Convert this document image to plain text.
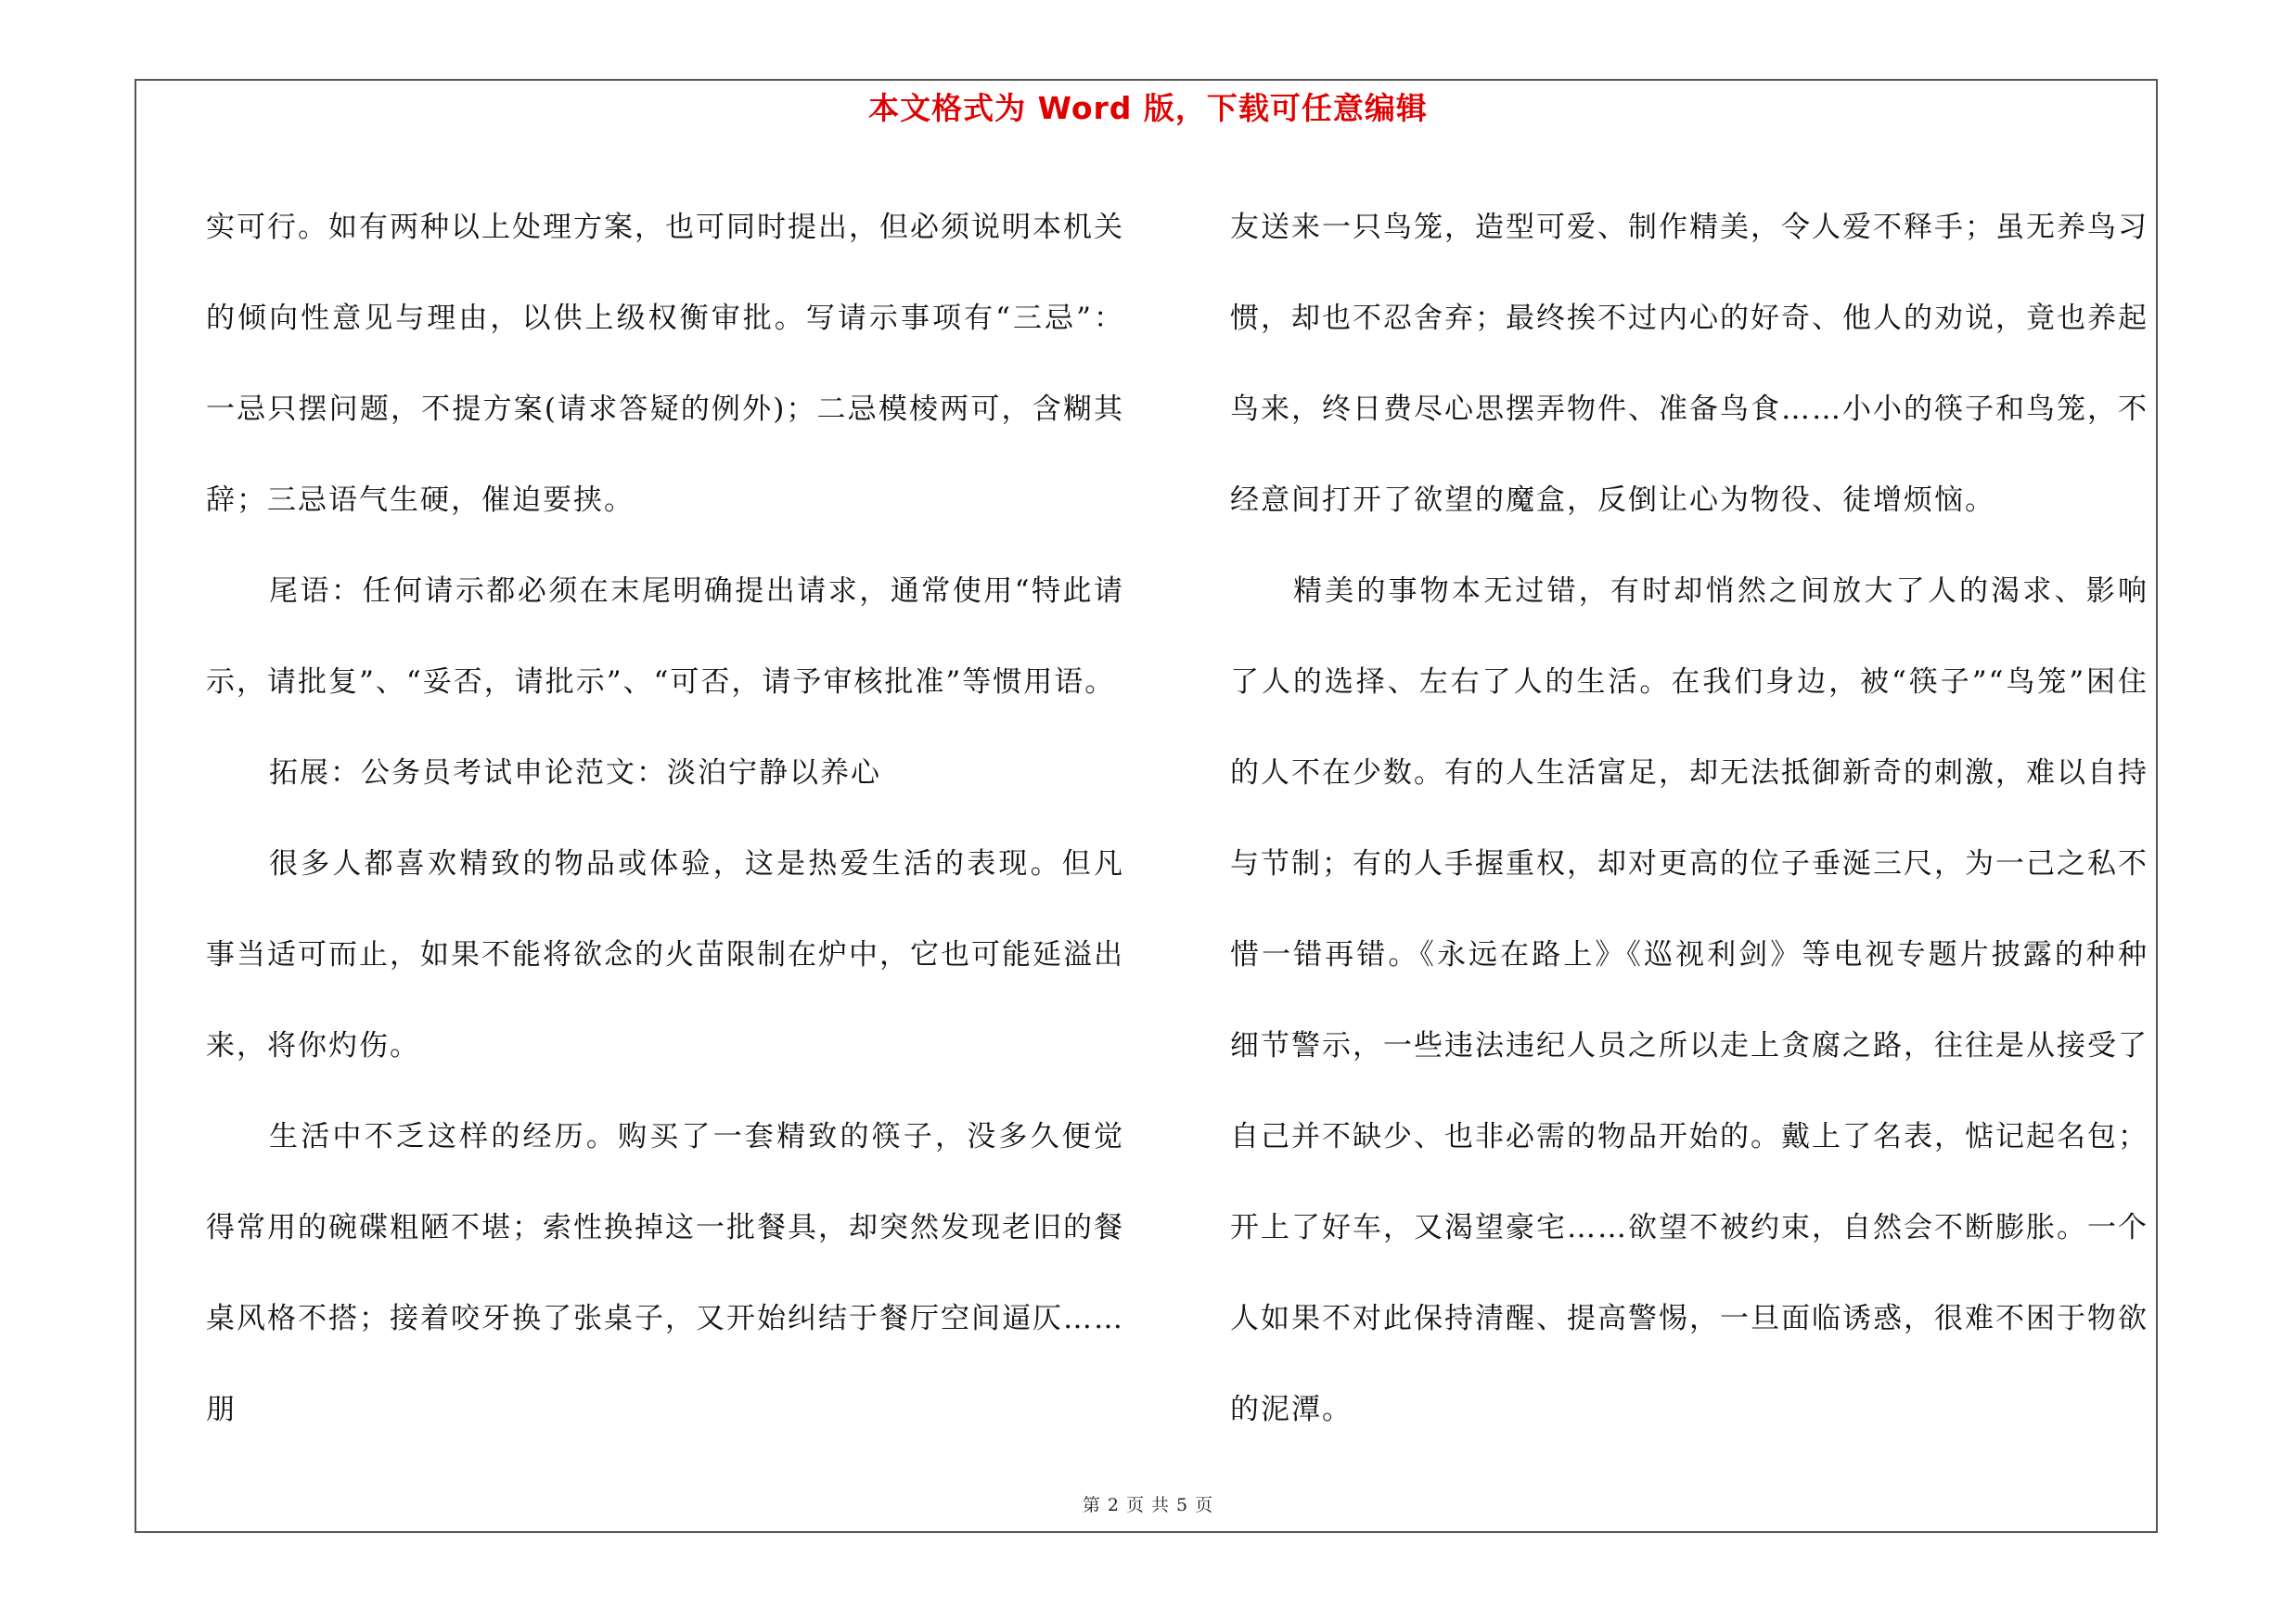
本文格式为 Word 版，下载可任意编辑

实可行。如有两种以上处理方案，也可同时提出，但必须说明本机关的倾向性意见与理由，以供上级权衡审批。写请示事项有“三忌”：一忌只摆问题，不提方案(请求答疑的例外)；二忌模棱两可，含糊其辞；三忌语气生硬，催迫要挟。

尾语：任何请示都必须在末尾明确提出请求，通常使用“特此请示，请批复”、“妥否，请批示”、“可否，请予审核批准”等惯用语。

拓展：公务员考试申论范文：淡泊宁静以养心

很多人都喜欢精致的物品或体验，这是热爱生活的表现。但凡事当适可而止，如果不能将欲念的火苗限制在炉中，它也可能延溢出来，将你灼伤。

生活中不乏这样的经历。购买了一套精致的筷子，没多久便觉得常用的碗碟粗陋不堪；索性换掉这一批餐具，却突然发现老旧的餐桌风格不搭；接着咬牙换了张桌子，又开始纠结于餐厅空间逼仄……朋

友送来一只鸟笼，造型可爱、制作精美，令人爱不释手；虽无养鸟习惯，却也不忍舍弃；最终挨不过内心的好奇、他人的劝说，竟也养起鸟来，终日费尽心思摆弄物件、准备鸟食……小小的筷子和鸟笼，不经意间打开了欲望的魔盒，反倒让心为物役、徒增烦恼。

精美的事物本无过错，有时却悄然之间放大了人的渴求、影响了人的选择、左右了人的生活。在我们身边，被“筷子”“鸟笼”困住的人不在少数。有的人生活富足，却无法抵御新奇的刺激，难以自持与节制；有的人手握重权，却对更高的位子垂涎三尺，为一己之私不惜一错再错。《永远在路上》《巡视利剑》等电视专题片披露的种种细节警示，一些违法违纪人员之所以走上贪腐之路，往往是从接受了自己并不缺少、也非必需的物品开始的。戴上了名表，惦记起名包；开上了好车，又渴望豪宅……欲望不被约束，自然会不断膨胀。一个人如果不对此保持清醒、提高警惕，一旦面临诱惑，很难不困于物欲的泥潭。

第 2 页 共 5 页
